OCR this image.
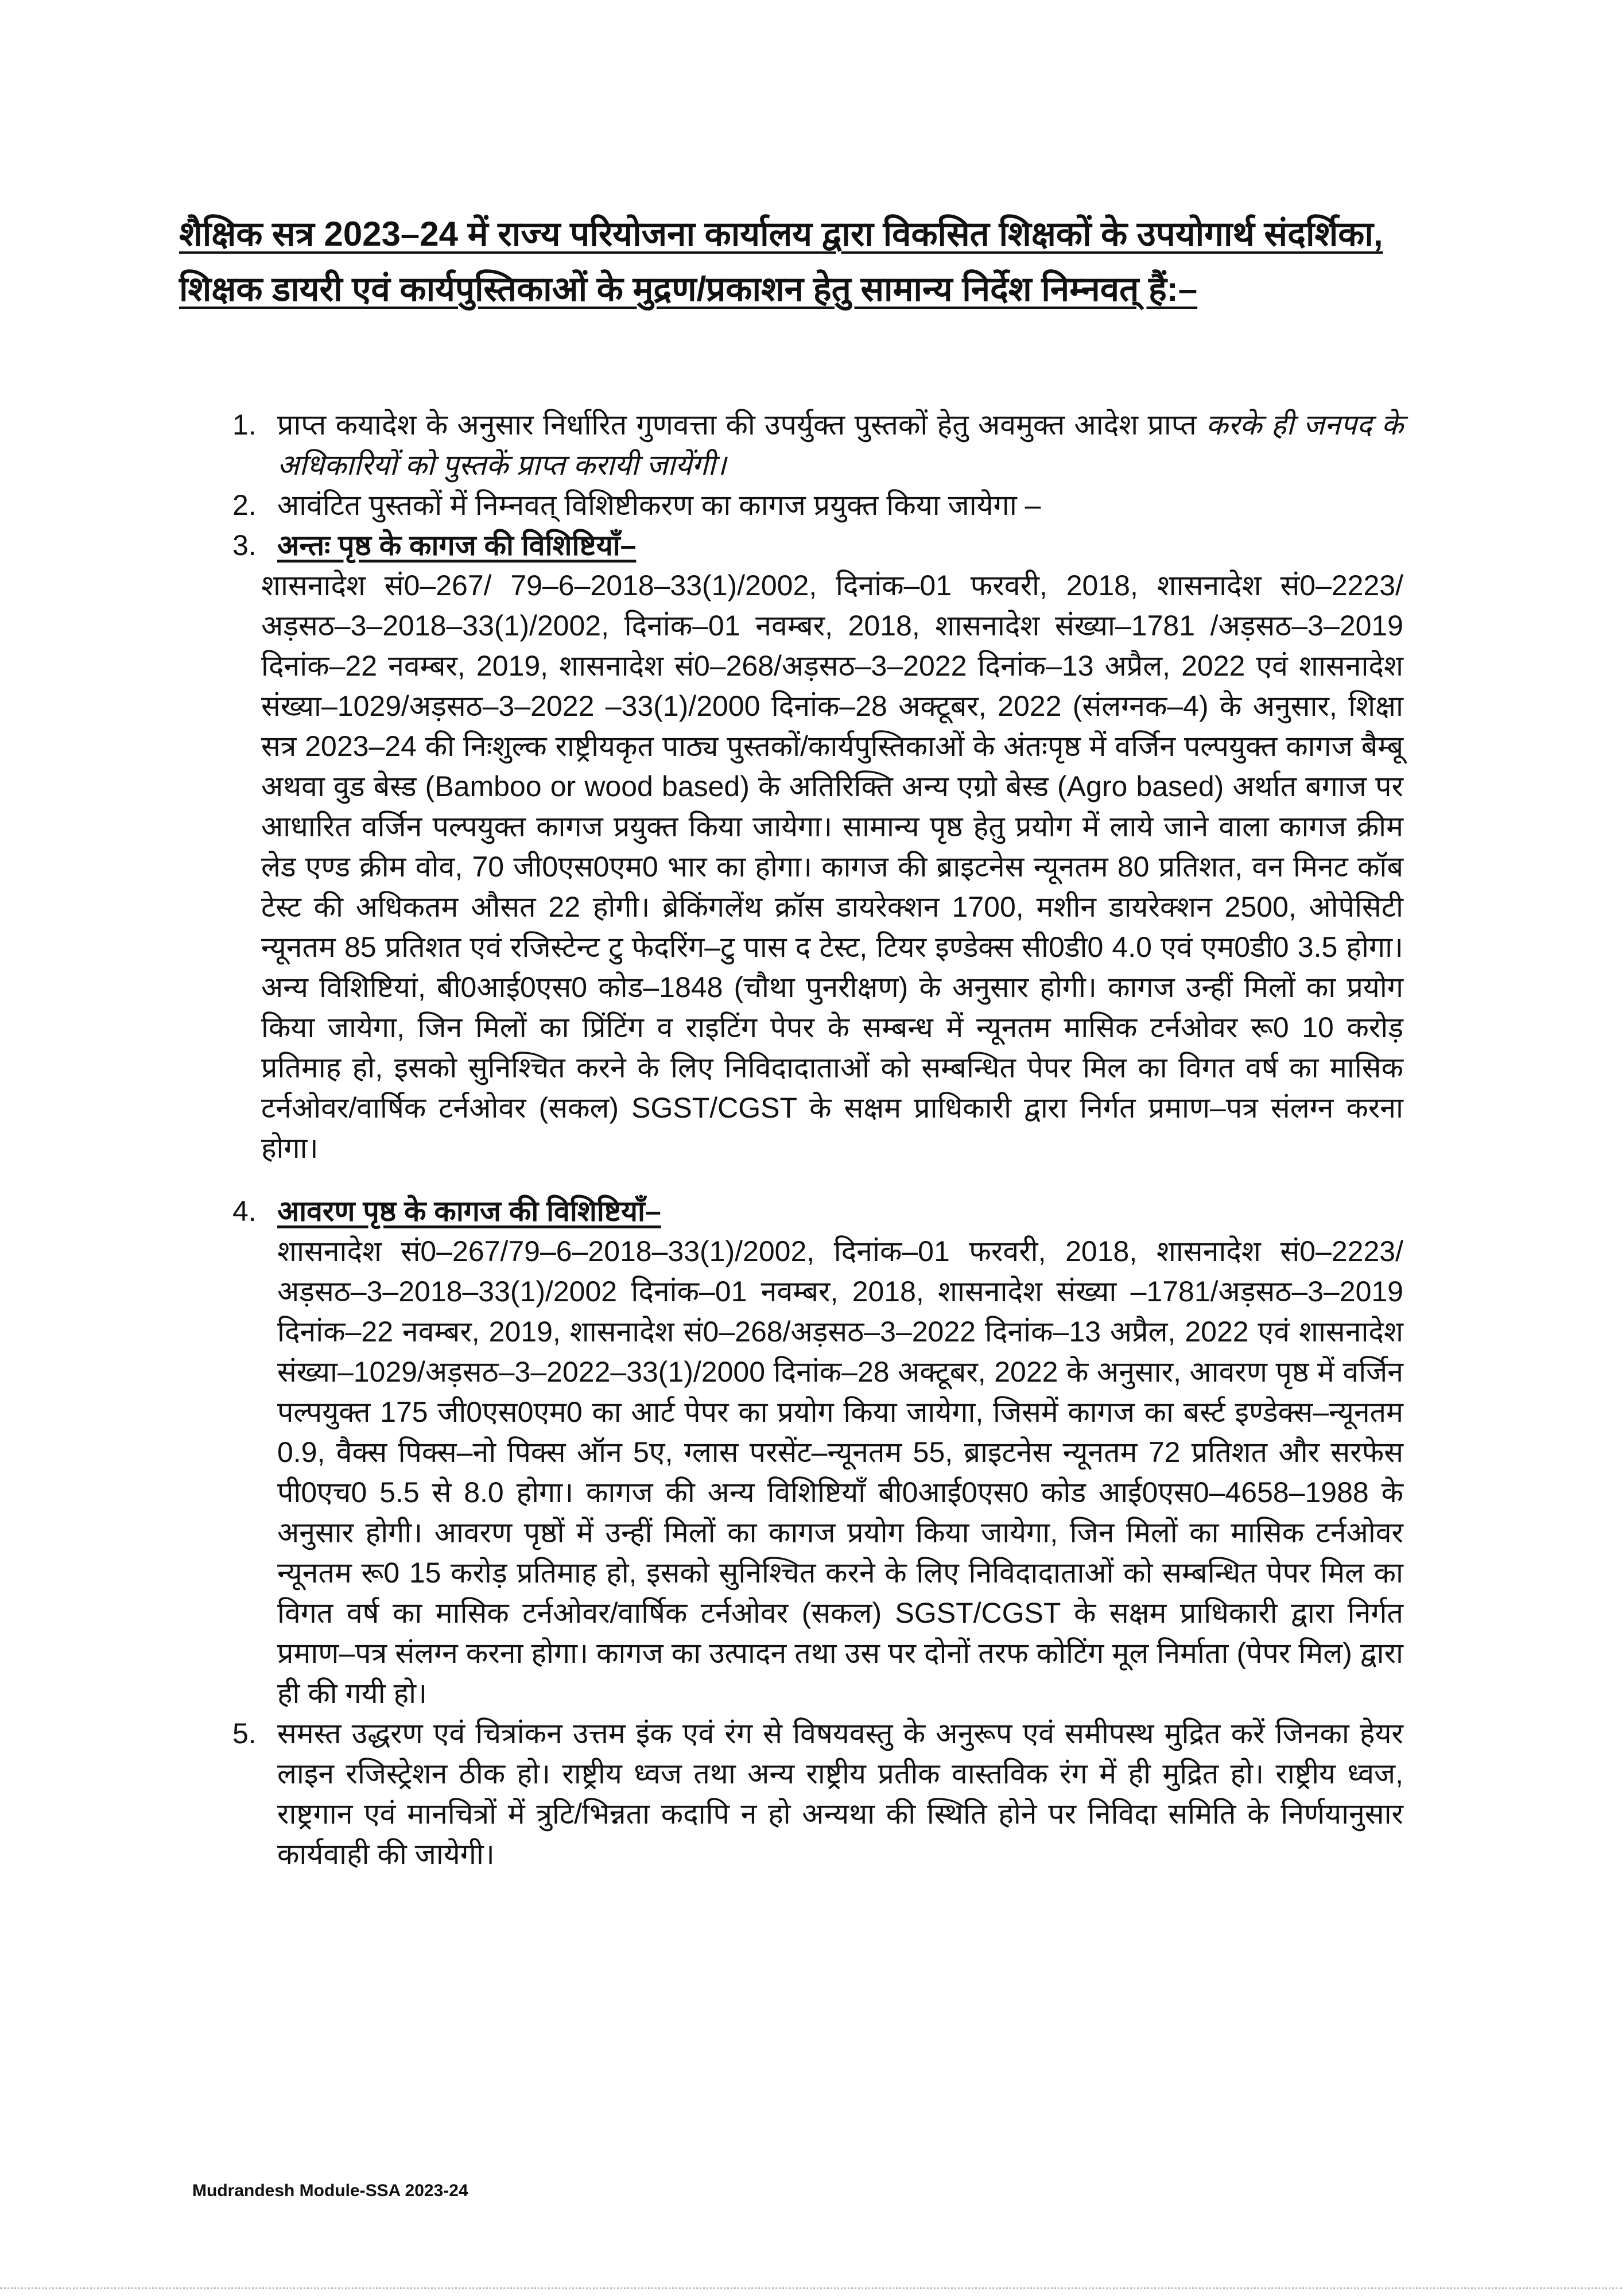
शैक्षिक सत्र 2023–24 में राज्य परियोजना कार्यालय द्वारा विकसित शिक्षकों के उपयोगार्थ संदर्शिका, शिक्षक डायरी एवं कार्यपुस्तिकाओं के मुद्रण/प्रकाशन हेतु सामान्य निर्देश निम्नवत् हैं:–
1. प्राप्त कयादेश के अनुसार निर्धारित गुणवत्ता की उपर्युक्त पुस्तकों हेतु अवमुक्त आदेश प्राप्त करके ही जनपद के अधिकारियों को पुस्तकें प्राप्त करायी जायेंगी।
2. आवंटित पुस्तकों में निम्नवत् विशिष्टीकरण का कागज प्रयुक्त किया जायेगा –
3. अन्तः पृष्ठ के कागज की विशिष्टियाँ–
शासनादेश सं0–267/ 79–6–2018–33(1)/2002, दिनांक–01 फरवरी, 2018, शासनादेश सं0–2223/अड़सठ–3–2018–33(1)/2002, दिनांक–01 नवम्बर, 2018, शासनादेश संख्या–1781 /अड़सठ–3–2019 दिनांक–22 नवम्बर, 2019, शासनादेश सं0–268/अड़सठ–3–2022 दिनांक–13 अप्रैल, 2022 एवं शासनादेश संख्या–1029/अड़सठ–3–2022 –33(1)/2000 दिनांक–28 अक्टूबर, 2022 (संलग्नक–4) के अनुसार, शिक्षा सत्र 2023–24 की निःशुल्क राष्ट्रीयकृत पाठ्य पुस्तकों/कार्यपुस्तिकाओं के अंतःपृष्ठ में वर्जिन पल्पयुक्त कागज बैम्बू अथवा वुड बेस्ड (Bamboo or wood based) के अतिरिक्ति अन्य एग्रो बेस्ड (Agro based) अर्थात बगाज पर आधारित वर्जिन पल्पयुक्त कागज प्रयुक्त किया जायेगा। सामान्य पृष्ठ हेतु प्रयोग में लाये जाने वाला कागज क्रीम लेड एण्ड क्रीम वोव, 70 जी0एस0एम0 भार का होगा। कागज की ब्राइटनेस न्यूनतम 80 प्रतिशत, वन मिनट कॉब टेस्ट की अधिकतम औसत 22 होगी। ब्रेकिंगलेंथ क्रॉस डायरेक्शन 1700, मशीन डायरेक्शन 2500, ओपेसिटी न्यूनतम 85 प्रतिशत एवं रजिस्टेन्ट टु फेदरिंग–टु पास द टेस्ट, टियर इण्डेक्स सी0डी0 4.0 एवं एम0डी0 3.5 होगा। अन्य विशिष्टियां, बी0आई0एस0 कोड–1848 (चौथा पुनरीक्षण) के अनुसार होगी। कागज उन्हीं मिलों का प्रयोग किया जायेगा, जिन मिलों का प्रिंटिंग व राइटिंग पेपर के सम्बन्ध में न्यूनतम मासिक टर्नओवर रू0 10 करोड़ प्रतिमाह हो, इसको सुनिश्चित करने के लिए निविदादाताओं को सम्बन्धित पेपर मिल का विगत वर्ष का मासिक टर्नओवर/वार्षिक टर्नओवर (सकल) SGST/CGST के सक्षम प्राधिकारी द्वारा निर्गत प्रमाण–पत्र संलग्न करना होगा।
4. आवरण पृष्ठ के कागज की विशिष्टियाँ–
शासनादेश सं0–267/79–6–2018–33(1)/2002, दिनांक–01 फरवरी, 2018, शासनादेश सं0–2223/अड़सठ–3–2018–33(1)/2002 दिनांक–01 नवम्बर, 2018, शासनादेश संख्या –1781/अड़सठ–3–2019 दिनांक–22 नवम्बर, 2019, शासनादेश सं0–268/अड़सठ–3–2022 दिनांक–13 अप्रैल, 2022 एवं शासनादेश संख्या–1029/अड़सठ–3–2022–33(1)/2000 दिनांक–28 अक्टूबर, 2022 के अनुसार, आवरण पृष्ठ में वर्जिन पल्पयुक्त 175 जी0एस0एम0 का आर्ट पेपर का प्रयोग किया जायेगा, जिसमें कागज का बर्स्ट इण्डेक्स–न्यूनतम 0.9, वैक्स पिक्स–नो पिक्स ऑन 5ए, ग्लास परसेंट–न्यूनतम 55, ब्राइटनेस न्यूनतम 72 प्रतिशत और सरफेस पी0एच0 5.5 से 8.0 होगा। कागज की अन्य विशिष्टियाँ बी0आई0एस0 कोड आई0एस0–4658–1988 के अनुसार होगी। आवरण पृष्ठों में उन्हीं मिलों का कागज प्रयोग किया जायेगा, जिन मिलों का मासिक टर्नओवर न्यूनतम रू0 15 करोड़ प्रतिमाह हो, इसको सुनिश्चित करने के लिए निविदादाताओं को सम्बन्धित पेपर मिल का विगत वर्ष का मासिक टर्नओवर/वार्षिक टर्नओवर (सकल) SGST/CGST के सक्षम प्राधिकारी द्वारा निर्गत प्रमाण–पत्र संलग्न करना होगा। कागज का उत्पादन तथा उस पर दोनों तरफ कोटिंग मूल निर्माता (पेपर मिल) द्वारा ही की गयी हो।
5. समस्त उद्धरण एवं चित्रांकन उत्तम इंक एवं रंग से विषयवस्तु के अनुरूप एवं समीपस्थ मुद्रित करें जिनका हेयर लाइन रजिस्ट्रेशन ठीक हो। राष्ट्रीय ध्वज तथा अन्य राष्ट्रीय प्रतीक वास्तविक रंग में ही मुद्रित हो। राष्ट्रीय ध्वज, राष्ट्रगान एवं मानचित्रों में त्रुटि/भिन्नता कदापि न हो अन्यथा की स्थिति होने पर निविदा समिति के निर्णयानुसार कार्यवाही की जायेगी।
Mudrandesh Module-SSA 2023-24
